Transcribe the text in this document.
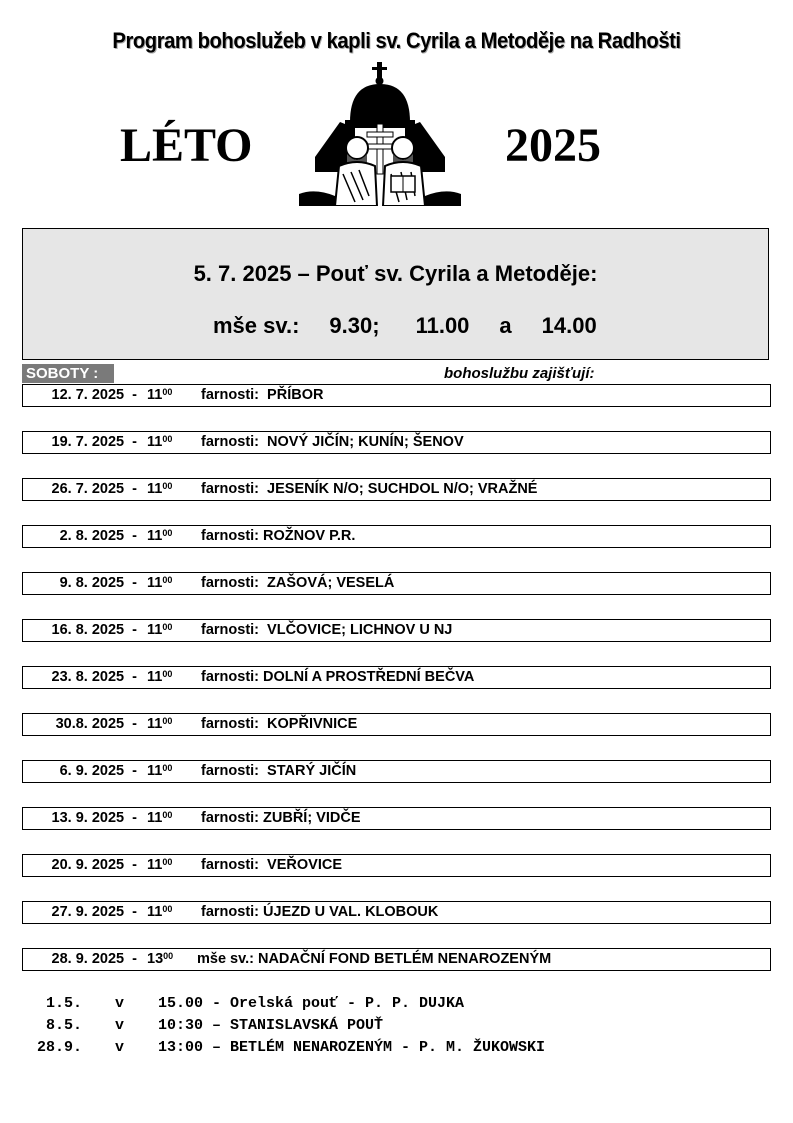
Program bohoslužeb v kapli sv. Cyrila a Metoděje na Radhošti
LÉTO	2025
5. 7. 2025 – Pouť sv. Cyrila a Metoděje:
mše sv.: 9.30; 11.00 a 14.00
SOBOTY :	bohoslužbu zajišťují:
12. 7. $2025 - 11^{00}$ farnosti:  PŘÍBOR
19. 7. $2025 - 11^{00}$ farnosti:  NOVÝ JIČÍN; KUNÍN; ŠENOV
26. 7. $2025 - 11^{00}$ farnosti:  JESENÍK N/O; SUCHDOL N/O; VRAŽNÉ
2. 8. $2025 - 11^{00}$ farnosti: ROŽNOV P.R.
9. 8. $2025 - 11^{00}$ farnosti:  ZAŠOVÁ; VESELÁ
16. 8. $2025 - 11^{00}$ farnosti:  VLČOVICE; LICHNOV U NJ
23. 8. $2025 - 11^{00}$ farnosti: DOLNÍ A PROSTŘEDNÍ BEČVA
30.8. $2025 - 11^{00}$ farnosti:  KOPŘIVNICE
6. 9. $2025 - 11^{00}$ farnosti:  STARÝ JIČÍN
13. 9. $2025 - 11^{00}$ farnosti: ZUBŘÍ; VIDČE
20. 9. $2025 - 11^{00}$ farnosti:  VEŘOVICE
27. 9. $2025 - 11^{00}$ farnosti: ÚJEZD U VAL. KLOBOUK
28. 9. $2025 - 13^{00}$ mše sv.: NADAČNÍ FOND BETLÉM NENAROZENÝM
1.5. v 15.00 - Orelská pouť - P. P. DUJKA
8.5. v 10:30 – STANISLAVSKÁ POUŤ
28.9. v 13:00 – BETLÉM NENAROZENÝM - P. M. ŽUKOWSKI
